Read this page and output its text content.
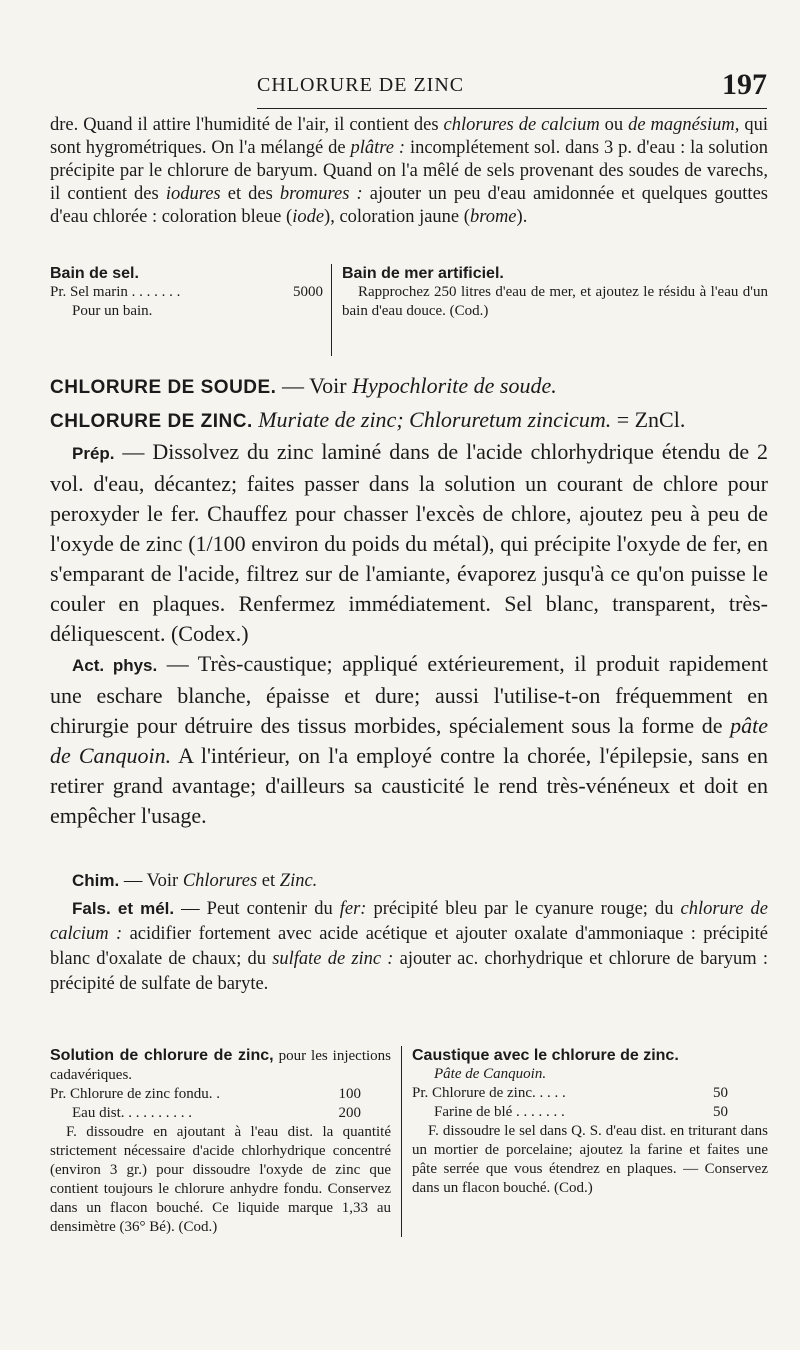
CHLORURE DE ZINC	197

dre. Quand il attire l'humidité de l'air, il contient des chlorures de calcium ou de magnésium, qui sont hygrométriques. On l'a mélangé de plâtre : incomplétement sol. dans 3 p. d'eau : la solution précipite par le chlorure de baryum. Quand on l'a mêlé de sels provenant des soudes de varechs, il contient des iodures et des bromures : ajouter un peu d'eau amidonnée et quelques gouttes d'eau chlorée : coloration bleue (iode), coloration jaune (brome).

Bain de sel.
Pr. Sel marin . . . . . . .	5000
Pour un bain.
Bain de mer artificiel.
Rapprochez 250 litres d'eau de mer, et ajoutez le résidu à l'eau d'un bain d'eau douce. (Cod.)

CHLORURE DE SOUDE. — Voir Hypochlorite de soude.

CHLORURE DE ZINC. Muriate de zinc; Chloruretum zincicum. = ZnCl.

Prép. — Dissolvez du zinc laminé dans de l'acide chlorhydrique étendu de 2 vol. d'eau, décantez; faites passer dans la solution un courant de chlore pour peroxyder le fer. Chauffez pour chasser l'excès de chlore, ajoutez peu à peu de l'oxyde de zinc (1/100 environ du poids du métal), qui précipite l'oxyde de fer, en s'emparant de l'acide, filtrez sur de l'amiante, évaporez jusqu'à ce qu'on puisse le couler en plaques. Renfermez immédiatement. Sel blanc, transparent, très-déliquescent. (Codex.)

Act. phys. — Très-caustique; appliqué extérieurement, il produit rapidement une eschare blanche, épaisse et dure; aussi l'utilise-t-on fréquemment en chirurgie pour détruire des tissus morbides, spécialement sous la forme de pâte de Canquoin. A l'intérieur, on l'a employé contre la chorée, l'épilepsie, sans en retirer grand avantage; d'ailleurs sa causticité le rend très-vénéneux et doit en empêcher l'usage.

Chim. — Voir Chlorures et Zinc.

Fals. et mél. — Peut contenir du fer: précipité bleu par le cyanure rouge; du chlorure de calcium : acidifier fortement avec acide acétique et ajouter oxalate d'ammoniaque : précipité blanc d'oxalate de chaux; du sulfate de zinc : ajouter ac. chorhydrique et chlorure de baryum : précipité de sulfate de baryte.

Solution de chlorure de zinc, pour les injections cadavériques.
Pr. Chlorure de zinc fondu. .	100
Eau dist. . . . . . . . . .	200
F. dissoudre en ajoutant à l'eau dist. la quantité strictement nécessaire d'acide chlorhydrique concentré (environ 3 gr.) pour dissoudre l'oxyde de zinc que contient toujours le chlorure anhydre fondu. Conservez dans un flacon bouché. Ce liquide marque 1,33 au densimètre (36° Bé). (Cod.)
Caustique avec le chlorure de zinc.
Pâte de Canquoin.
Pr. Chlorure de zinc. . . . .	50
Farine de blé . . . . . . .	50
F. dissoudre le sel dans Q. S. d'eau dist. en triturant dans un mortier de porcelaine; ajoutez la farine et faites une pâte serrée que vous étendrez en plaques. — Conservez dans un flacon bouché. (Cod.)
